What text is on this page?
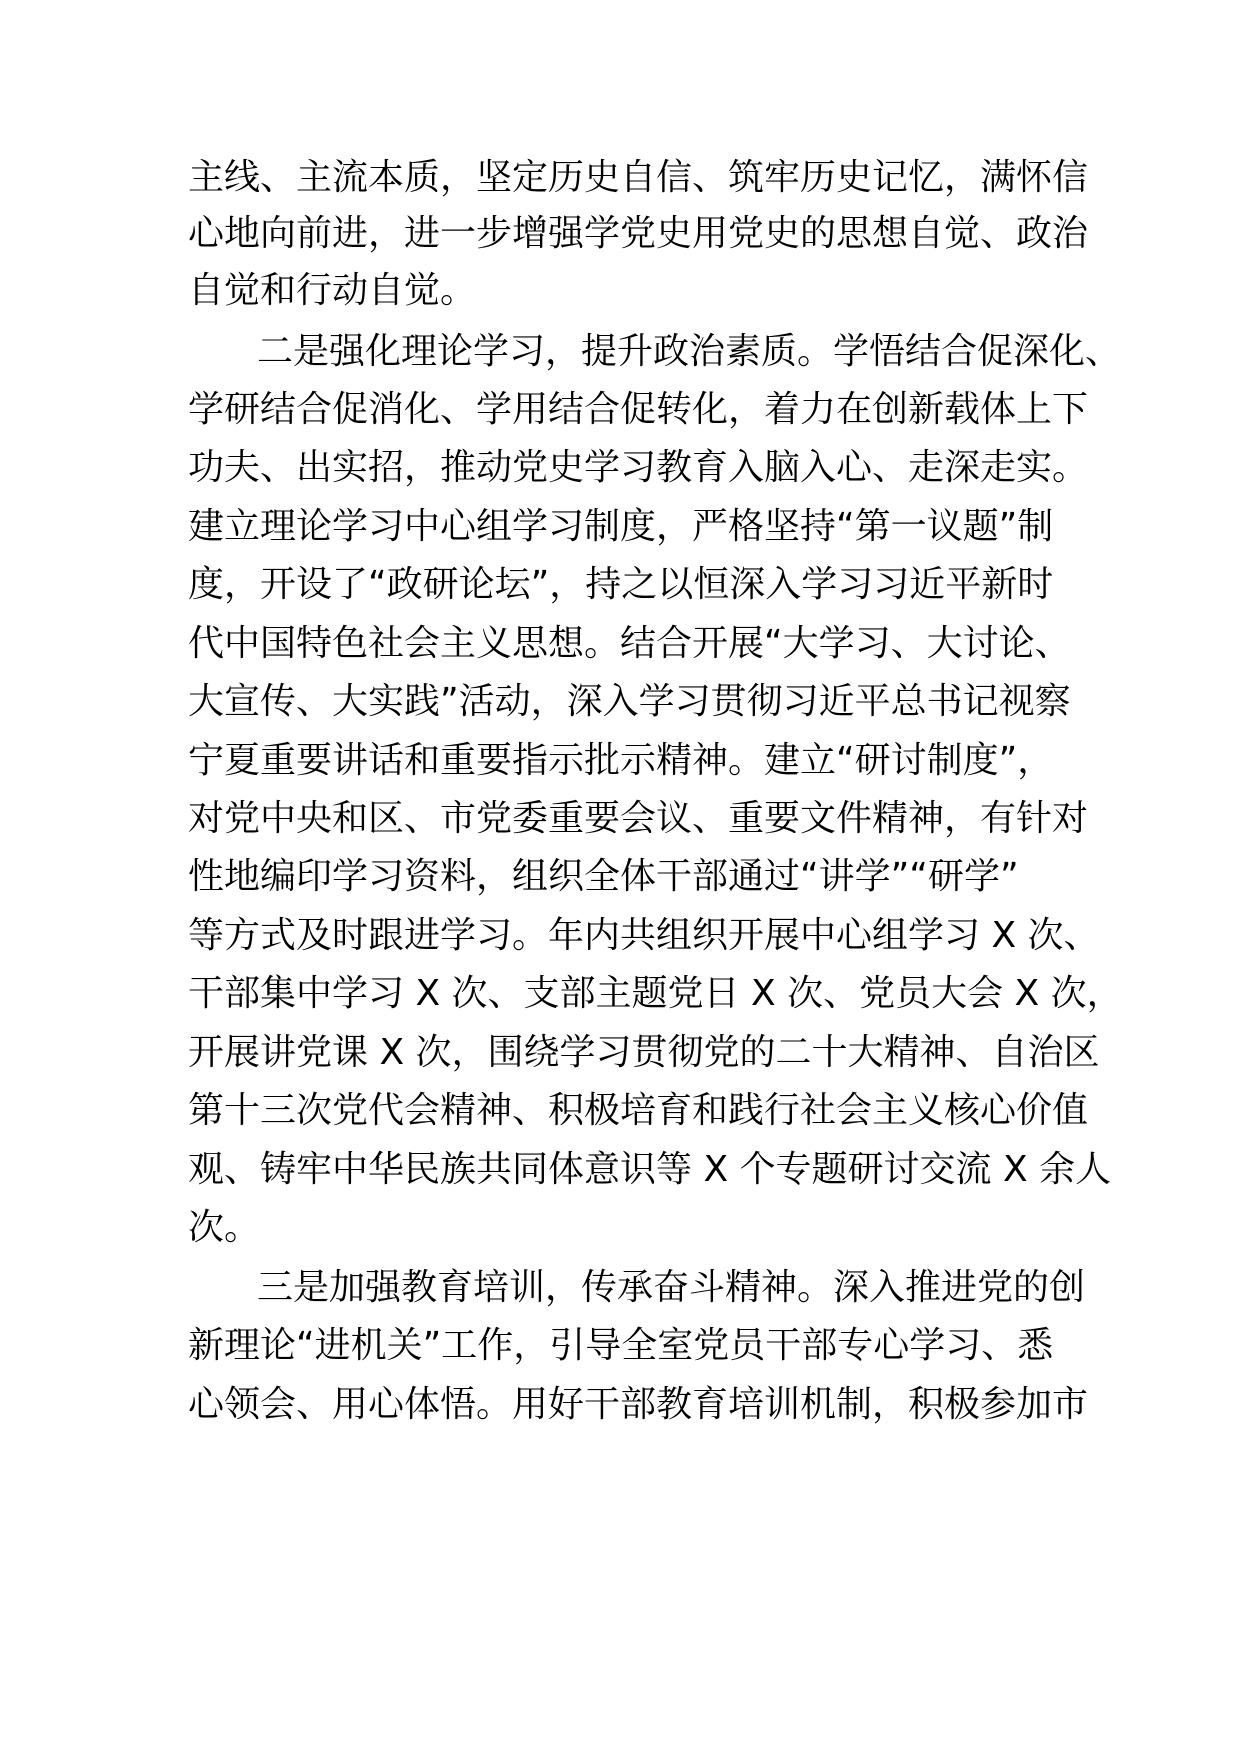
主线、主流本质，坚定历史自信、筑牢历史记忆，满怀信

心地向前进，进一步增强学党史用党史的思想自觉、政治

自觉和行动自觉。

二是强化理论学习，提升政治素质。学悟结合促深化、

学研结合促消化、学用结合促转化，着力在创新载体上下

功夫、出实招，推动党史学习教育入脑入心、走深走实。

建立理论学习中心组学习制度，严格坚持“第一议题”制

度，开设了“政研论坛”，持之以恒深入学习习近平新时

代中国特色社会主义思想。结合开展“大学习、大讨论、

大宣传、大实践”活动，深入学习贯彻习近平总书记视察

宁夏重要讲话和重要指示批示精神。建立“研讨制度”，

对党中央和区、市党委重要会议、重要文件精神，有针对

性地编印学习资料，组织全体干部通过“讲学”“研学”

等方式及时跟进学习。年内共组织开展中心组学习 X 次、

干部集中学习 X 次、支部主题党日 X 次、党员大会 X 次，

开展讲党课 X 次，围绕学习贯彻党的二十大精神、自治区

第十三次党代会精神、积极培育和践行社会主义核心价值

观、铸牢中华民族共同体意识等 X 个专题研讨交流 X 余人

次。

三是加强教育培训，传承奋斗精神。深入推进党的创

新理论“进机关”工作，引导全室党员干部专心学习、悉

心领会、用心体悟。用好干部教育培训机制，积极参加市
